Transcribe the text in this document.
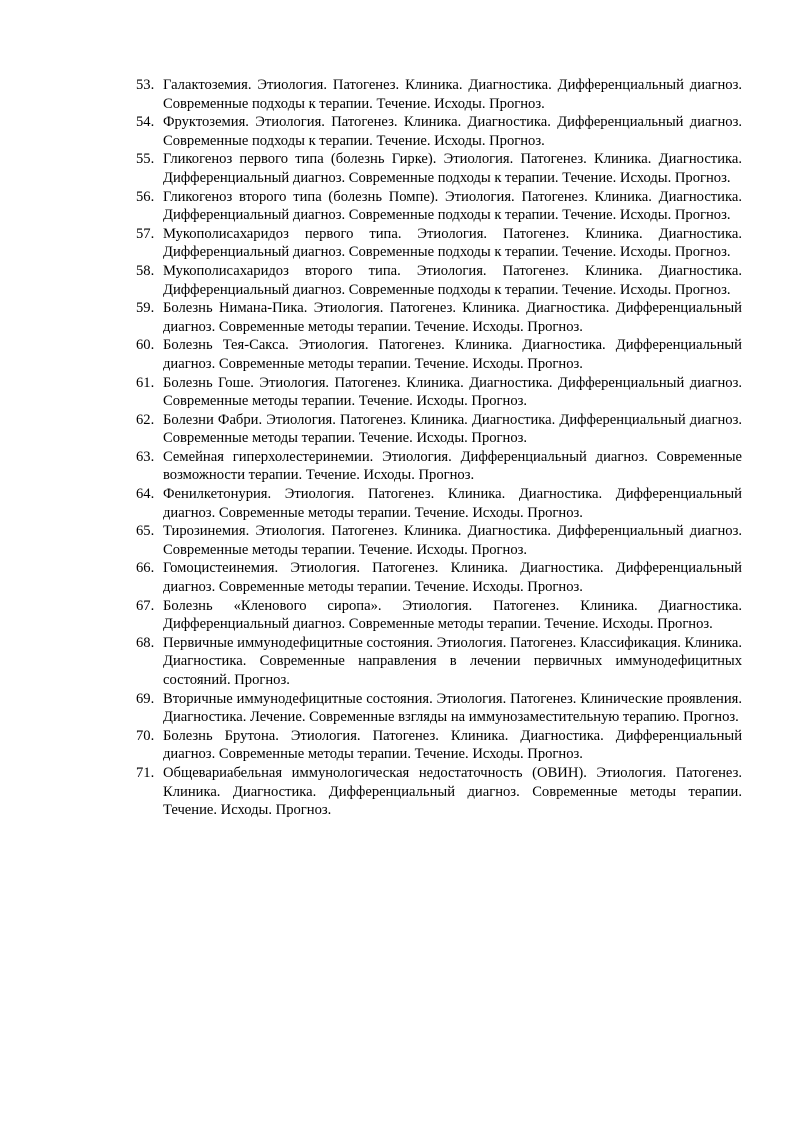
53. Галактоземия. Этиология. Патогенез. Клиника. Диагностика. Дифференциальный диагноз. Современные подходы к терапии. Течение. Исходы. Прогноз.
54. Фруктоземия. Этиология. Патогенез. Клиника. Диагностика. Дифференциальный диагноз. Современные подходы к терапии. Течение. Исходы. Прогноз.
55. Гликогеноз первого типа (болезнь Гирке). Этиология. Патогенез. Клиника. Диагностика. Дифференциальный диагноз. Современные подходы к терапии. Течение. Исходы. Прогноз.
56. Гликогеноз второго типа (болезнь Помпе). Этиология. Патогенез. Клиника. Диагностика. Дифференциальный диагноз. Современные подходы к терапии. Течение. Исходы. Прогноз.
57. Мукополисахаридоз первого типа. Этиология. Патогенез. Клиника. Диагностика. Дифференциальный диагноз. Современные подходы к терапии. Течение. Исходы. Прогноз.
58. Мукополисахаридоз второго типа. Этиология. Патогенез. Клиника. Диагностика. Дифференциальный диагноз. Современные подходы к терапии. Течение. Исходы. Прогноз.
59. Болезнь Нимана-Пика. Этиология. Патогенез. Клиника. Диагностика. Дифференциальный диагноз. Современные методы терапии. Течение. Исходы. Прогноз.
60. Болезнь Тея-Сакса. Этиология. Патогенез. Клиника. Диагностика. Дифференциальный диагноз. Современные методы терапии. Течение. Исходы. Прогноз.
61. Болезнь Гоше. Этиология. Патогенез. Клиника. Диагностика. Дифференциальный диагноз. Современные методы терапии. Течение. Исходы. Прогноз.
62. Болезни Фабри. Этиология. Патогенез. Клиника. Диагностика. Дифференциальный диагноз. Современные методы терапии. Течение. Исходы. Прогноз.
63. Семейная гиперхолестеринемии. Этиология. Дифференциальный диагноз. Современные возможности терапии. Течение. Исходы. Прогноз.
64. Фенилкетонурия. Этиология. Патогенез. Клиника. Диагностика. Дифференциальный диагноз. Современные методы терапии. Течение. Исходы. Прогноз.
65. Тирозинемия. Этиология. Патогенез. Клиника. Диагностика. Дифференциальный диагноз. Современные методы терапии. Течение. Исходы. Прогноз.
66. Гомоцистеинемия. Этиология. Патогенез. Клиника. Диагностика. Дифференциальный диагноз. Современные методы терапии. Течение. Исходы. Прогноз.
67. Болезнь «Кленового сиропа». Этиология. Патогенез. Клиника. Диагностика. Дифференциальный диагноз. Современные методы терапии. Течение. Исходы. Прогноз.
68. Первичные иммунодефицитные состояния. Этиология. Патогенез. Классификация. Клиника. Диагностика. Современные направления в лечении первичных иммунодефицитных состояний. Прогноз.
69. Вторичные иммунодефицитные состояния. Этиология. Патогенез. Клинические проявления. Диагностика. Лечение. Современные взгляды на иммунозаместительную терапию. Прогноз.
70. Болезнь Брутона. Этиология. Патогенез. Клиника. Диагностика. Дифференциальный диагноз. Современные методы терапии. Течение. Исходы. Прогноз.
71. Общевариабельная иммунологическая недостаточность (ОВИН). Этиология. Патогенез. Клиника. Диагностика. Дифференциальный диагноз. Современные методы терапии. Течение. Исходы. Прогноз.
